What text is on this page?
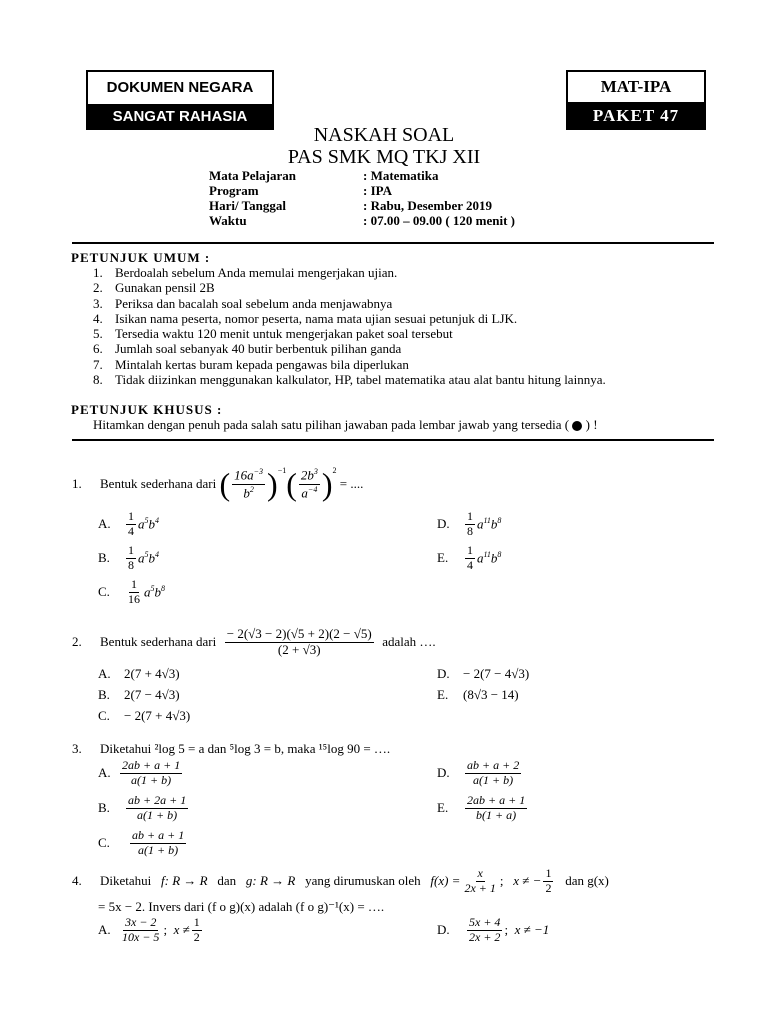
DOKUMEN NEGARA
SANGAT RAHASIA
MAT-IPA
PAKET 47
NASKAH SOAL
PAS SMK MQ TKJ XII
Mata Pelajaran	: Matematika
Program	: IPA
Hari/ Tanggal	: Rabu, Desember 2019
Waktu	: 07.00 – 09.00 ( 120 menit )
PETUNJUK UMUM :
1. Berdoalah sebelum Anda memulai mengerjakan ujian.
2. Gunakan pensil 2B
3. Periksa dan bacalah soal sebelum anda menjawabnya
4. Isikan nama peserta, nomor peserta, nama mata ujian sesuai petunjuk di LJK.
5. Tersedia waktu 120 menit untuk mengerjakan paket soal tersebut
6. Jumlah soal sebanyak 40 butir berbentuk pilihan ganda
7. Mintalah kertas buram kepada pengawas bila diperlukan
8. Tidak diizinkan menggunakan kalkulator, HP, tabel matematika atau alat bantu hitung lainnya.
PETUNJUK KHUSUS :
Hitamkan dengan penuh pada salah satu pilihan jawaban pada lembar jawab yang tersedia ( ) !
1.	Bentuk sederhana dari
( $\frac{16a^{-3}}{b^2} )^{-1}$ ( $\frac{2b^3}{a^{-4}} )^2$

= ....
A.	$\frac{1}{4} a^5b^4$
B.	$\frac{1}{8} a^5b^4$
C.	$\frac{1}{16} a^5b^8$
D.	$\frac{1}{8} a^{11}b^8$
E.	$\frac{1}{4} a^{11}b^8$
2.	Bentuk sederhana dari
$\frac{- 2(√3 - 2)(√5 + 2)(2 - √5)}{(2 + √3)}$
adalah ….
A. 2(7 + 4√3)
B. 2(7 − 4√3)
C. − 2(7 + 4√3)
D. − 2(7 − 4√3)
E. (8√3 − 14)
3. Diketahui ²log 5 = a dan ⁵log 3 = b, maka ¹⁵log 90 = ….
A. $\frac{2ab + a + 1}{a(1 + b)}$
B.	$\frac{ab + 2a + 1}{a(1 + b)}$
C.	$\frac{ab + a + 1}{a(1 + b)}$
D.	$\frac{ab + a + 2}{a(1 + b)}$
E.	$\frac{2ab + a + 1}{b(1 + a)}$
4.	Diketahui
f: R → R
dan
g: R → R
yang dirumuskan oleh
$f(x) = \frac{x}{2x + 1}$ ; x ≠ − $\frac{1}{2}$
dan g(x)
= 5x − 2. Invers dari (f o g)(x) adalah (f o g)⁻¹(x) = ….
A. $\frac{3x - 2}{10x - 5}$ ; $x \ne \frac{1}{2}$	D.	$\frac{5x + 4}{2x + 2}$ ; x ≠ −1
